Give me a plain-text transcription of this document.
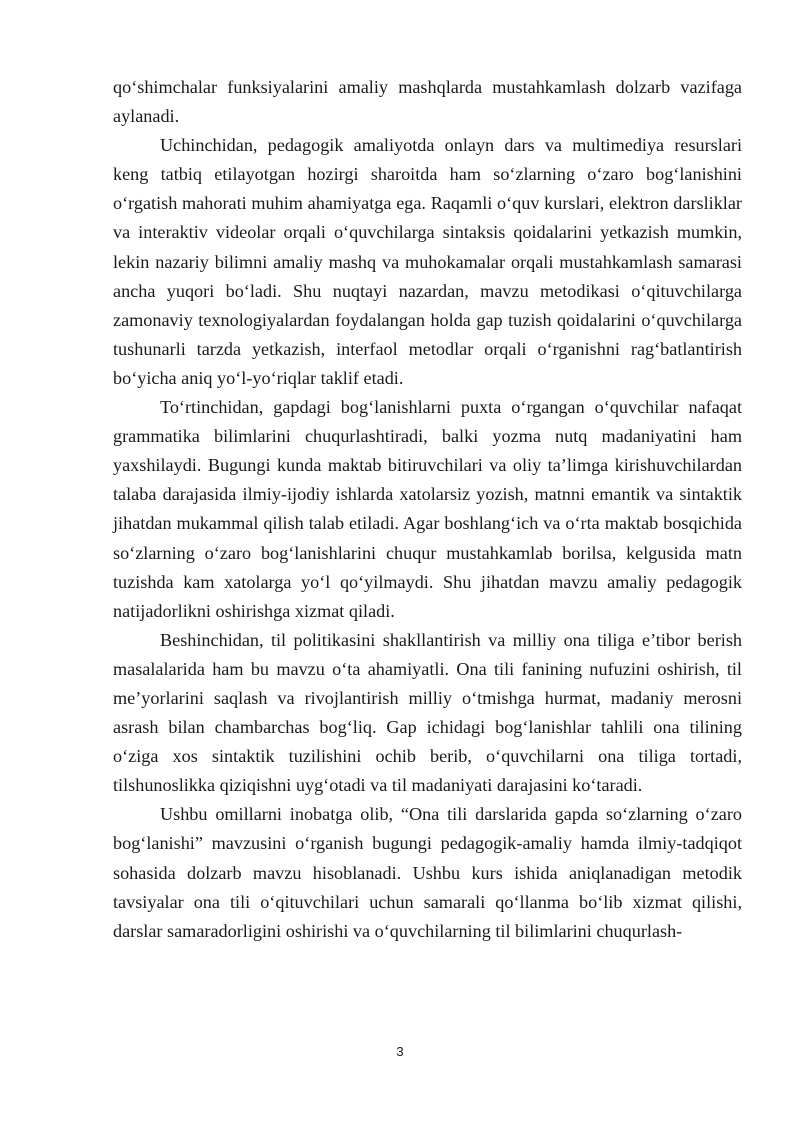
qo‘shimchalar funksiyalarini amaliy mashqlarda mustahkamlash dolzarb vazifaga aylanadi.

Uchinchidan, pedagogik amaliyotda onlayn dars va multimediya resurslari keng tatbiq etilayotgan hozirgi sharoitda ham so‘zlarning o‘zaro bog‘lanishini o‘rgatish mahorati muhim ahamiyatga ega. Raqamli o‘quv kurslari, elektron darsliklar va interaktiv videolar orqali o‘quvchilarga sintaksis qoidalarini yetkazish mumkin, lekin nazariy bilimni amaliy mashq va muhokamalar orqali mustahkamlash samarasi ancha yuqori bo‘ladi. Shu nuqtayi nazardan, mavzu metodikasi o‘qituvchilarga zamonaviy texnologiyalardan foydalangan holda gap tuzish qoidalarini o‘quvchilarga tushunarli tarzda yetkazish, interfaol metodlar orqali o‘rganishni rag‘batlantirish bo‘yicha aniq yo‘l-yo‘riqlar taklif etadi.

To‘rtinchidan, gapdagi bog‘lanishlarni puxta o‘rgangan o‘quvchilar nafaqat grammatika bilimlarini chuqurlashtiradi, balki yozma nutq madaniyatini ham yaxshilaydi. Bugungi kunda maktab bitiruvchilari va oliy ta’limga kirishuvchilardan talaba darajasida ilmiy-ijodiy ishlarda xatolarsiz yozish, matnni emantik va sintaktik jihatdan mukammal qilish talab etiladi. Agar boshlang‘ich va o‘rta maktab bosqichida so‘zlarning o‘zaro bog‘lanishlarini chuqur mustahkamlab borilsa, kelgusida matn tuzishda kam xatolarga yo‘l qo‘yilmaydi. Shu jihatdan mavzu amaliy pedagogik natijadorlikni oshirishga xizmat qiladi.

Beshinchidan, til politikasini shakllantirish va milliy ona tiliga e’tibor berish masalalarida ham bu mavzu o‘ta ahamiyatli. Ona tili fanining nufuzini oshirish, til me’yorlarini saqlash va rivojlantirish milliy o‘tmishga hurmat, madaniy merosni asrash bilan chambarchas bog‘liq. Gap ichidagi bog‘lanishlar tahlili ona tilining o‘ziga xos sintaktik tuzilishini ochib berib, o‘quvchilarni ona tiliga tortadi, tilshunoslikka qiziqishni uyg‘otadi va til madaniyati darajasini ko‘taradi.

Ushbu omillarni inobatga olib, “Ona tili darslarida gapda so‘zlarning o‘zaro bog‘lanishi” mavzusini o‘rganish bugungi pedagogik-amaliy hamda ilmiy-tadqiqot sohasida dolzarb mavzu hisoblanadi. Ushbu kurs ishida aniqlanadigan metodik tavsiyalar ona tili o‘qituvchilari uchun samarali qo‘llanma bo‘lib xizmat qilishi, darslar samaradorligini oshirishi va o‘quvchilarning til bilimlarini chuqurlash-

3
